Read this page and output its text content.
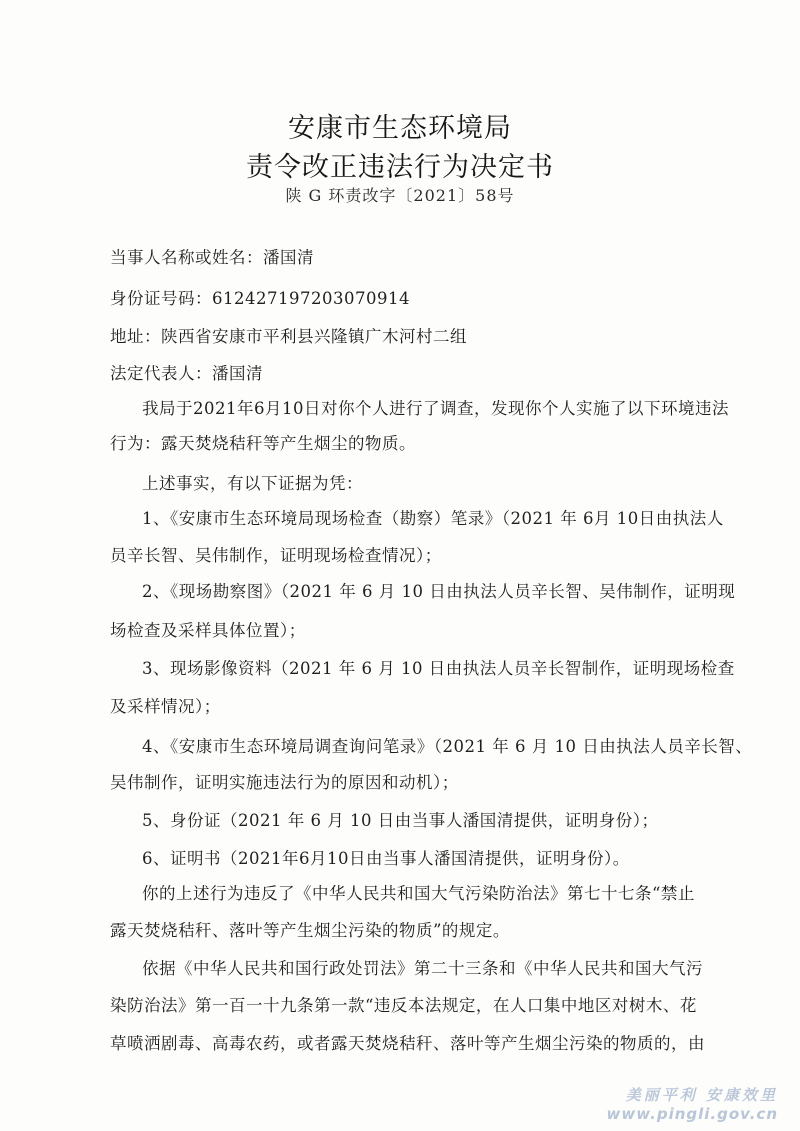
安康市生态环境局
责令改正违法行为决定书
陕 G 环责改字〔2021〕58号
当事人名称或姓名：潘国清
身份证号码：612427197203070914
地址：陕西省安康市平利县兴隆镇广木河村二组
法定代表人：潘国清
我局于2021年6月10日对你个人进行了调查，发现你个人实施了以下环境违法
行为：露天焚烧秸秆等产生烟尘的物质。
上述事实，有以下证据为凭：
1、《安康市生态环境局现场检查（勘察）笔录》（2021 年 6月 10日由执法人
员辛长智、吴伟制作，证明现场检查情况）；
2、《现场勘察图》（2021 年 6 月 10 日由执法人员辛长智、吴伟制作，证明现
场检查及采样具体位置）；
3、现场影像资料（2021 年 6 月 10 日由执法人员辛长智制作，证明现场检查
及采样情况）；
4、《安康市生态环境局调查询问笔录》（2021 年 6 月 10 日由执法人员辛长智、
吴伟制作，证明实施违法行为的原因和动机）；
5、身份证（2021 年 6 月 10 日由当事人潘国清提供，证明身份）；
6、证明书（2021年6月10日由当事人潘国清提供，证明身份）。
你的上述行为违反了《中华人民共和国大气污染防治法》第七十七条“禁止
露天焚烧秸秆、落叶等产生烟尘污染的物质”的规定。
依据《中华人民共和国行政处罚法》第二十三条和《中华人民共和国大气污
染防治法》第一百一十九条第一款“违反本法规定，在人口集中地区对树木、花
草喷洒剧毒、高毒农药，或者露天焚烧秸秆、落叶等产生烟尘污染的物质的，由
美丽平利 安康效里
www.pingli.gov.cn
